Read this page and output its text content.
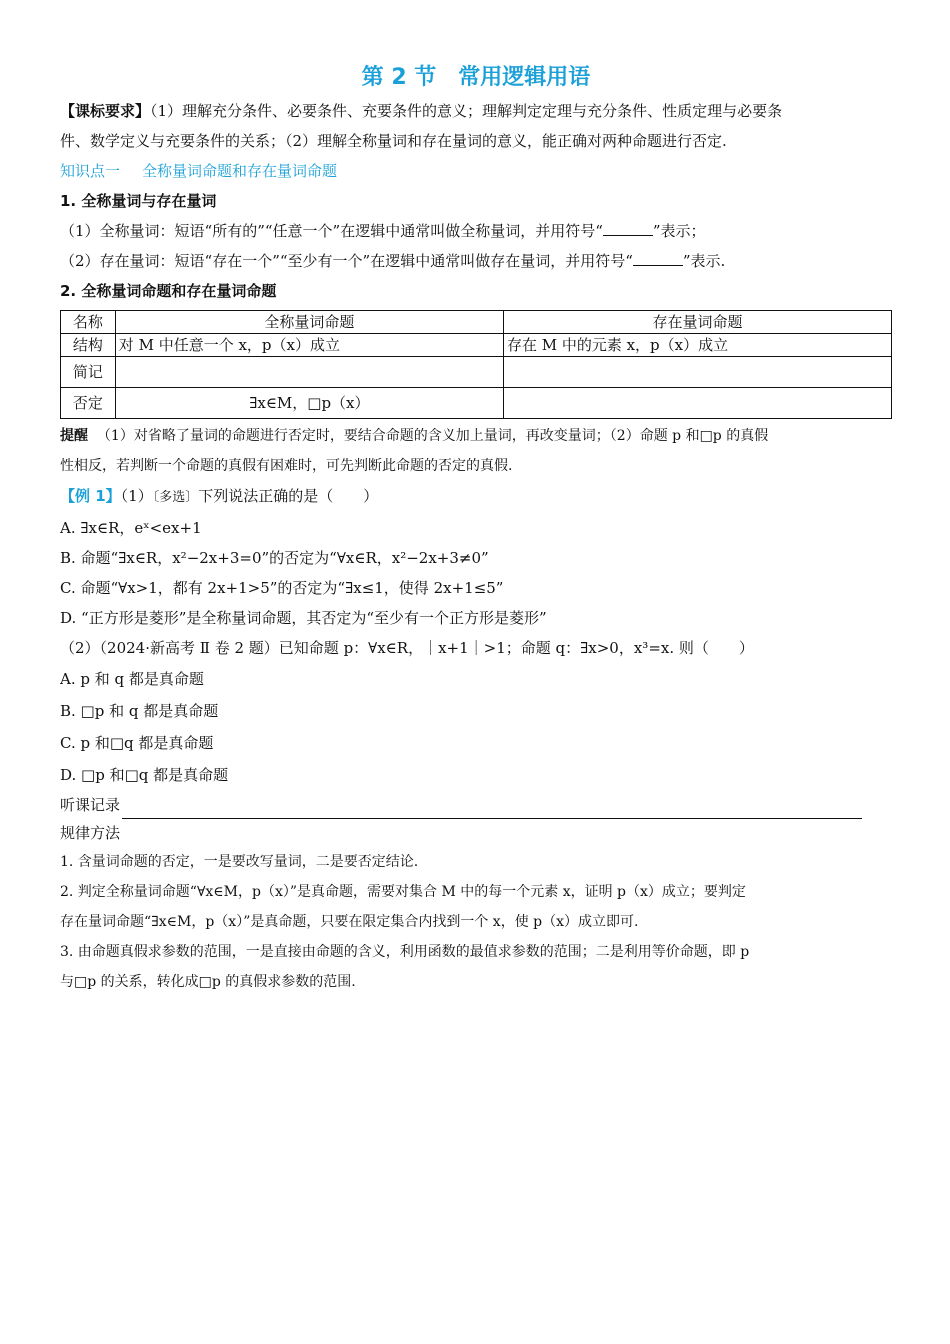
第 2 节　常用逻辑用语

【课标要求】（1）理解充分条件、必要条件、充要条件的意义；理解判定定理与充分条件、性质定理与必要条

件、数学定义与充要条件的关系；（2）理解全称量词和存在量词的意义，能正确对两种命题进行否定.

知识点一 全称量词命题和存在量词命题

1. 全称量词与存在量词

（1）全称量词：短语“所有的”“任意一个”在逻辑中通常叫做全称量词，并用符号“	”表示；

（2）存在量词：短语“存在一个”“至少有一个”在逻辑中通常叫做存在量词，并用符号“	”表示.

2. 全称量词命题和存在量词命题

名称	全称量词命题	存在量词命题
结构	对 M 中任意一个 x，p（x）成立	存在 M 中的元素 x，p（x）成立
简记		
否定	∃x∈M，□p（x）	

提醒 （1）对省略了量词的命题进行否定时，要结合命题的含义加上量词，再改变量词；（2）命题 p 和□p 的真假

性相反，若判断一个命题的真假有困难时，可先判断此命题的否定的真假.

【例 1】（1）〔多选〕下列说法正确的是（　　）

A. ∃x∈R，eˣ<ex+1

B. 命题“∃x∈R，x²−2x+3=0”的否定为“∀x∈R，x²−2x+3≠0”

C. 命题“∀x>1，都有 2x+1>5”的否定为“∃x≤1，使得 2x+1≤5”

D. “正方形是菱形”是全称量词命题，其否定为“至少有一个正方形是菱形”

（2）（2024·新高考 Ⅱ 卷 2 题）已知命题 p：∀x∈R，｜x+1｜>1；命题 q：∃x>0，x³=x. 则（　　）

A. p 和 q 都是真命题

B. □p 和 q 都是真命题

C. p 和□q 都是真命题

D. □p 和□q 都是真命题

听课记录
规律方法

1. 含量词命题的否定，一是要改写量词，二是要否定结论.

2. 判定全称量词命题“∀x∈M，p（x）”是真命题，需要对集合 M 中的每一个元素 x，证明 p（x）成立；要判定

存在量词命题“∃x∈M，p（x）”是真命题，只要在限定集合内找到一个 x，使 p（x）成立即可.

3. 由命题真假求参数的范围，一是直接由命题的含义，利用函数的最值求参数的范围；二是利用等价命题，即 p

与□p 的关系，转化成□p 的真假求参数的范围.
